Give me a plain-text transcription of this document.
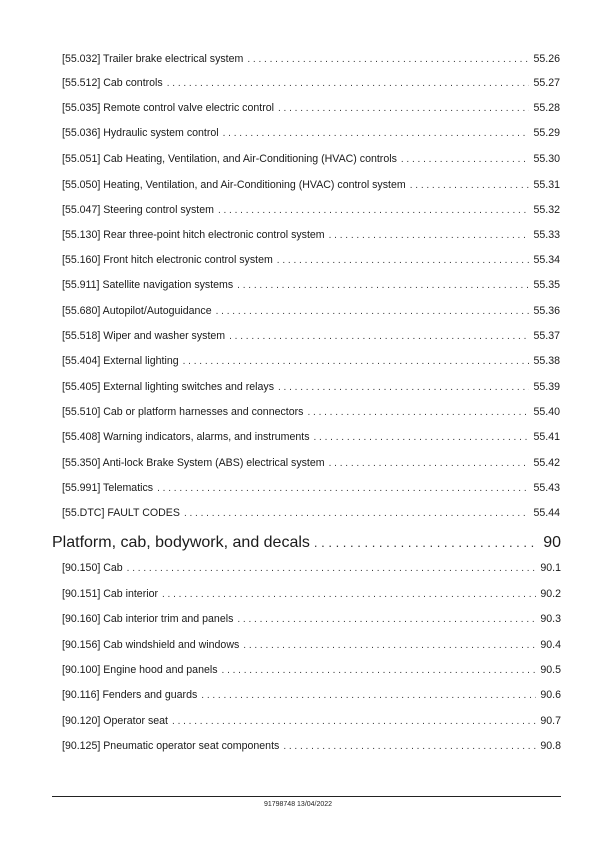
[55.032] Trailer brake electrical system . . .	55.26
[55.512] Cab controls . . .	55.27
[55.035] Remote control valve electric control . . .	55.28
[55.036] Hydraulic system control . . .	55.29
[55.051] Cab Heating, Ventilation, and Air-Conditioning (HVAC) controls . . .	55.30
[55.050] Heating, Ventilation, and Air-Conditioning (HVAC) control system . . .	55.31
[55.047] Steering control system . . .	55.32
[55.130] Rear three-point hitch electronic control system . . .	55.33
[55.160] Front hitch electronic control system . . .	55.34
[55.911] Satellite navigation systems . . .	55.35
[55.680] Autopilot/Autoguidance . . .	55.36
[55.518] Wiper and washer system . . .	55.37
[55.404] External lighting . . .	55.38
[55.405] External lighting switches and relays . . .	55.39
[55.510] Cab or platform harnesses and connectors . . .	55.40
[55.408] Warning indicators, alarms, and instruments . . .	55.41
[55.350] Anti-lock Brake System (ABS) electrical system . . .	55.42
[55.991] Telematics . . .	55.43
[55.DTC] FAULT CODES . . .	55.44
Platform, cab, bodywork, and decals . . .	90
[90.150] Cab . . .	90.1
[90.151] Cab interior . . .	90.2
[90.160] Cab interior trim and panels . . .	90.3
[90.156] Cab windshield and windows . . .	90.4
[90.100] Engine hood and panels . . .	90.5
[90.116] Fenders and guards . . .	90.6
[90.120] Operator seat . . .	90.7
[90.125] Pneumatic operator seat components . . .	90.8
91798748 13/04/2022
